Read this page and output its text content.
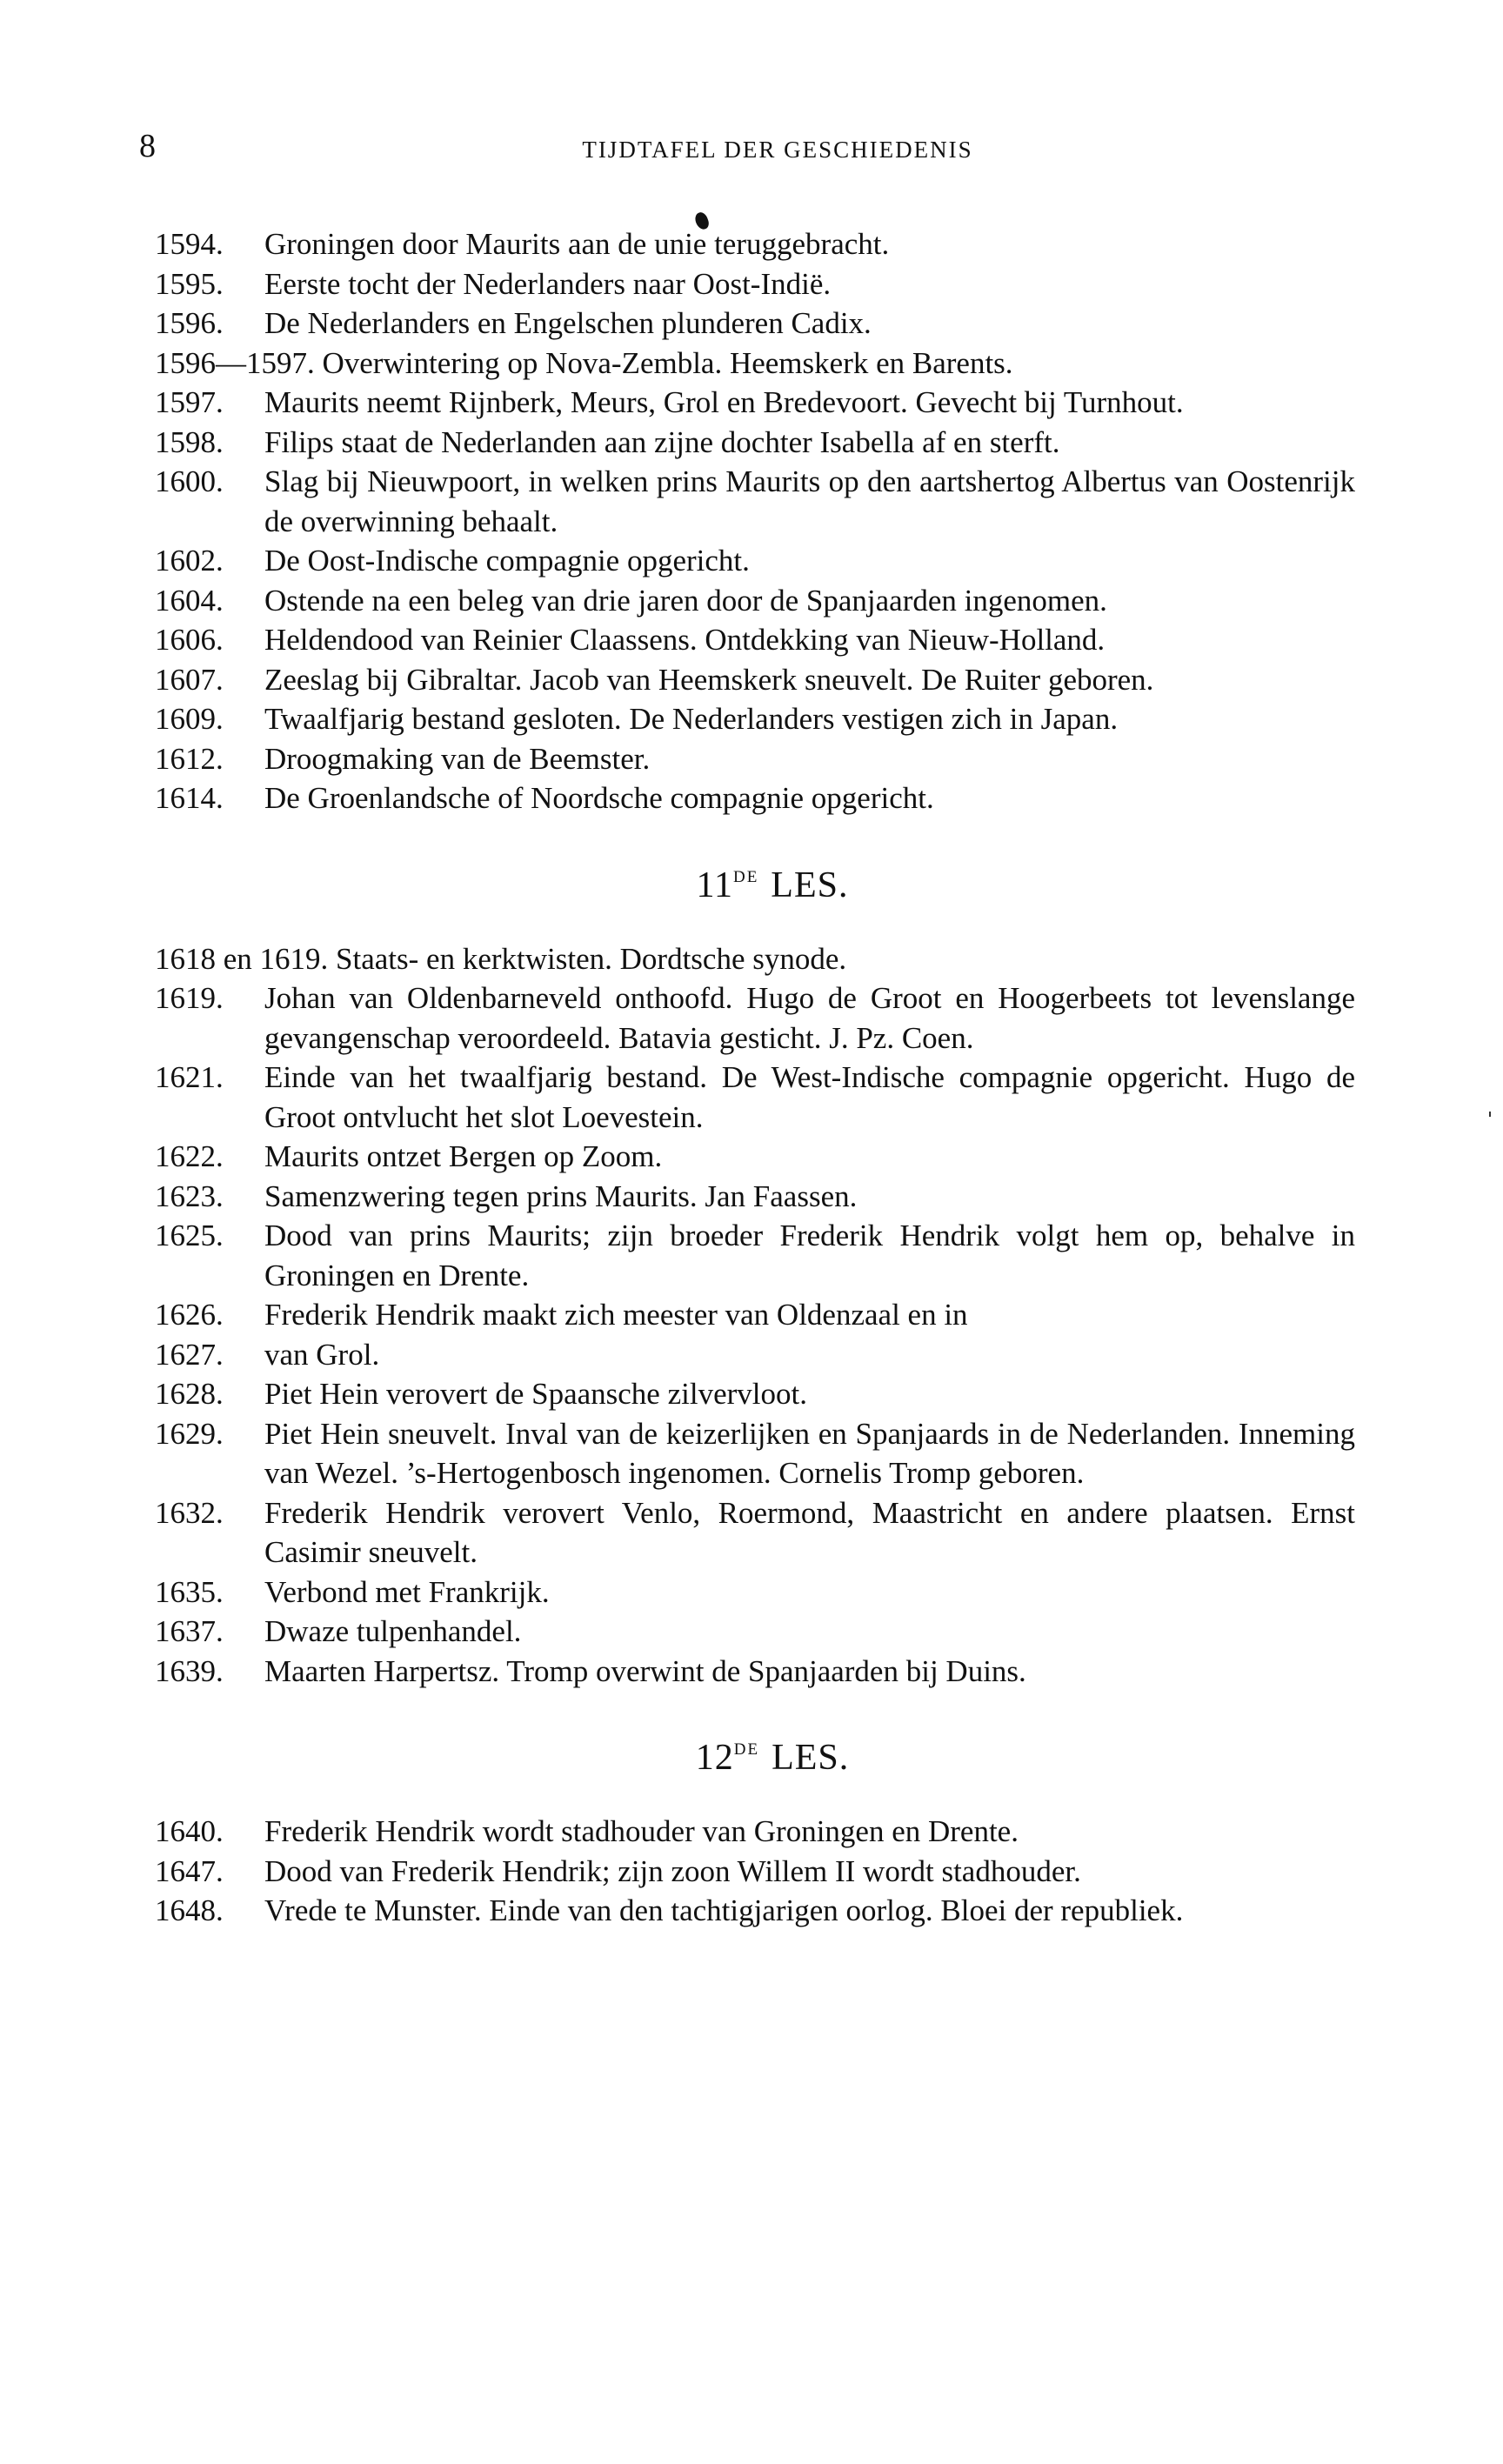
8	TIJDTAFEL DER GESCHIEDENIS
1594. Groningen door Maurits aan de unie teruggebracht.
1595. Eerste tocht der Nederlanders naar Oost-Indië.
1596. De Nederlanders en Engelschen plunderen Cadix.
1596—1597. Overwintering op Nova-Zembla. Heemskerk en Barents.
1597. Maurits neemt Rijnberk, Meurs, Grol en Bredevoort. Gevecht bij Turnhout.
1598. Filips staat de Nederlanden aan zijne dochter Isabella af en sterft.
1600. Slag bij Nieuwpoort, in welken prins Maurits op den aartshertog Albertus van Oostenrijk de overwinning behaalt.
1602. De Oost-Indische compagnie opgericht.
1604. Ostende na een beleg van drie jaren door de Spanjaarden ingenomen.
1606. Heldendood van Reinier Claassens. Ontdekking van Nieuw-Holland.
1607. Zeeslag bij Gibraltar. Jacob van Heemskerk sneuvelt. De Ruiter geboren.
1609. Twaalfjarig bestand gesloten. De Nederlanders vestigen zich in Japan.
1612. Droogmaking van de Beemster.
1614. De Groenlandsche of Noordsche compagnie opgericht.
11DE LES.
1618 en 1619. Staats- en kerktwisten. Dordtsche synode.
1619. Johan van Oldenbarneveld onthoofd. Hugo de Groot en Hoogerbeets tot levenslange gevangenschap veroordeeld. Batavia gesticht. J. Pz. Coen.
1621. Einde van het twaalfjarig bestand. De West-Indische compagnie opgericht. Hugo de Groot ontvlucht het slot Loevestein.
1622. Maurits ontzet Bergen op Zoom.
1623. Samenzwering tegen prins Maurits. Jan Faassen.
1625. Dood van prins Maurits; zijn broeder Frederik Hendrik volgt hem op, behalve in Groningen en Drente.
1626. Frederik Hendrik maakt zich meester van Oldenzaal en in
1627. van Grol.
1628. Piet Hein verovert de Spaansche zilvervloot.
1629. Piet Hein sneuvelt. Inval van de keizerlijken en Spanjaards in de Nederlanden. Inneming van Wezel. ’s-Hertogenbosch ingenomen. Cornelis Tromp geboren.
1632. Frederik Hendrik verovert Venlo, Roermond, Maastricht en andere plaatsen. Ernst Casimir sneuvelt.
1635. Verbond met Frankrijk.
1637. Dwaze tulpenhandel.
1639. Maarten Harpertsz. Tromp overwint de Spanjaarden bij Duins.
12DE LES.
1640. Frederik Hendrik wordt stadhouder van Groningen en Drente.
1647. Dood van Frederik Hendrik; zijn zoon Willem II wordt stadhouder.
1648. Vrede te Munster. Einde van den tachtigjarigen oorlog. Bloei der republiek.
